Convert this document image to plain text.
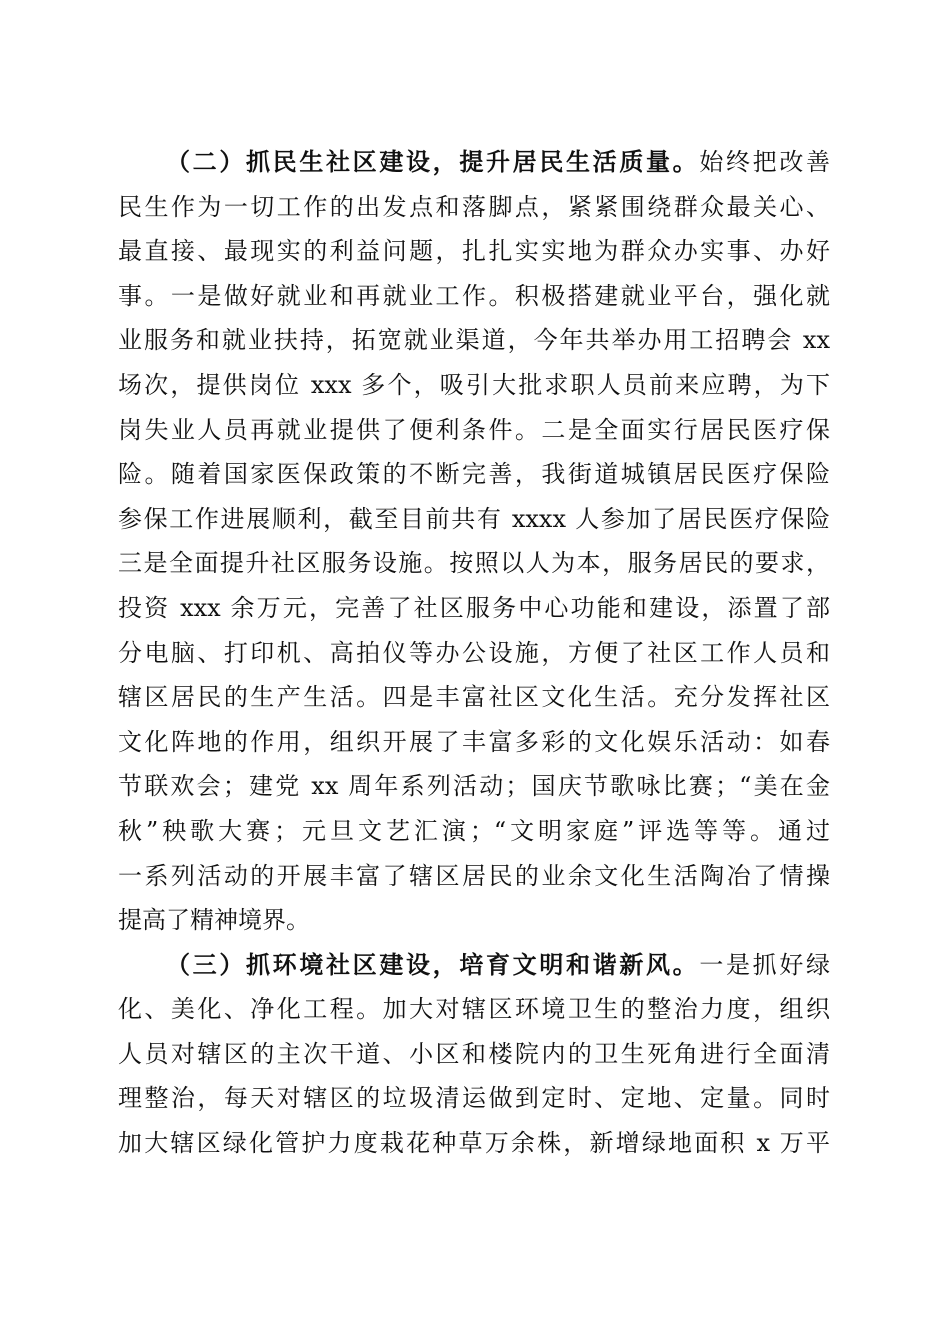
（二）抓民生社区建设，提升居民生活质量。始终把改善
民生作为一切工作的出发点和落脚点，紧紧围绕群众最关心、
最直接、最现实的利益问题，扎扎实实地为群众办实事、办好
事。一是做好就业和再就业工作。积极搭建就业平台，强化就
业服务和就业扶持，拓宽就业渠道，今年共举办用工招聘会 xx
场次，提供岗位 xxx 多个，吸引大批求职人员前来应聘，为下
岗失业人员再就业提供了便利条件。二是全面实行居民医疗保
险。随着国家医保政策的不断完善，我街道城镇居民医疗保险
参保工作进展顺利，截至目前共有 xxxx 人参加了居民医疗保险
三是全面提升社区服务设施。按照以人为本，服务居民的要求，
投资 xxx 余万元，完善了社区服务中心功能和建设，添置了部
分电脑、打印机、高拍仪等办公设施，方便了社区工作人员和
辖区居民的生产生活。四是丰富社区文化生活。充分发挥社区
文化阵地的作用，组织开展了丰富多彩的文化娱乐活动：如春
节联欢会；建党 xx 周年系列活动；国庆节歌咏比赛；“美在金
秋”秧歌大赛；元旦文艺汇演；“文明家庭”评选等等。通过
一系列活动的开展丰富了辖区居民的业余文化生活陶冶了情操
提高了精神境界。
（三）抓环境社区建设，培育文明和谐新风。一是抓好绿
化、美化、净化工程。加大对辖区环境卫生的整治力度，组织
人员对辖区的主次干道、小区和楼院内的卫生死角进行全面清
理整治，每天对辖区的垃圾清运做到定时、定地、定量。同时
加大辖区绿化管护力度栽花种草万余株，新增绿地面积 x 万平
